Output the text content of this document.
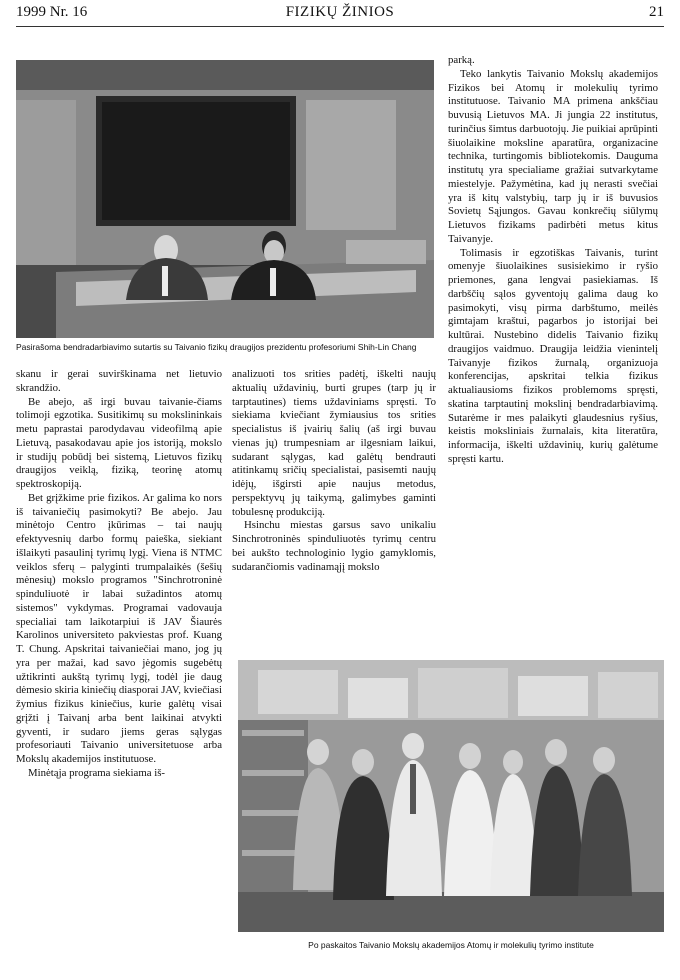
1999 Nr. 16	FIZIKŲ ŽINIOS	21
Pasirašoma bendradarbiavimo sutartis su Taivanio fizikų draugijos prezidentu profesoriumi Shih-Lin Chang

skanu ir gerai suvirškinama net lietuvio skrandžio.

Be abejo, aš irgi buvau taivanie-čiams tolimoji egzotika. Susitikimų su mokslininkais metu paprastai parodydavau videofilmą apie Lietuvą, pasakodavau apie jos istoriją, mokslo ir studijų pobūdį bei sistemą, Lietuvos fizikų draugijos veiklą, fiziką, teorinę atomų spektroskopiją.

Bet grįžkime prie fizikos. Ar galima ko nors iš taivaniečių pasimokyti? Be abejo. Jau minėtojo Centro įkūrimas – tai naujų efektyvesnių darbo formų paieška, siekiant išlaikyti pasaulinį tyrimų lygį. Viena iš NTMC veiklos sferų – palyginti trumpalaikės (šešių mėnesių) mokslo programos "Sinchrotroninė spinduliuotė ir labai sužadintos atomų sistemos" vykdymas. Programai vadovauja specialiai tam laikotarpiui iš JAV Šiaurės Karolinos universiteto pakviestas prof. Kuang T. Chung. Apskritai taivaniečiai mano, jog jų yra per mažai, kad savo jėgomis sugebėtų užtikrinti aukštą tyrimų lygį, todėl jie daug dėmesio skiria kiniečių diasporai JAV, kviečiasi žymius fizikus kiniečius, kurie galėtų visai grįžti į Taivanį arba bent laikinai atvykti gyventi, ir sudaro jiems geras sąlygas profesoriauti Taivanio universitetuose arba Mokslų akademijos institutuose.

Minėtąja programa siekiama iš-

analizuoti tos srities padėtį, iškelti naujų aktualių uždavinių, burti grupes (tarp jų ir tarptautines) tiems uždaviniams spręsti. To siekiama kviečiant žymiausius tos srities specialistus iš įvairių šalių (aš irgi buvau vienas jų) trumpesniam ar ilgesniam laikui, sudarant sąlygas, kad galėtų bendrauti atitinkamų sričių specialistai, pasisemti naujų idėjų, išgirsti apie naujus metodus, perspektyvų jų taikymą, galimybes gaminti tobulesnę produkciją.

Hsinchu miestas garsus savo unikaliu Sinchrotroninės spinduliuotės tyrimų centru bei aukšto technologinio lygio gamyklomis, sudarančiomis vadinamąjį mokslo

parką.

Teko lankytis Taivanio Mokslų akademijos Fizikos bei Atomų ir molekulių tyrimo institutuose. Taivanio MA primena ankščiau buvusią Lietuvos MA. Ji jungia 22 institutus, turinčius šimtus darbuotojų. Jie puikiai aprūpinti šiuolaikine moksline aparatūra, organizacine technika, turtingomis bibliotekomis. Dauguma institutų yra specialiame gražiai sutvarkytame miestelyje. Pažymėtina, kad jų nerasti svečiai yra iš kitų valstybių, tarp jų ir iš buvusios Sovietų Sąjungos. Gavau konkrečių siūlymų Lietuvos fizikams padirbėti metus kitus Taivanyje.

Tolimasis ir egzotiškas Taivanis, turint omenyje šiuolaikines susisiekimo ir ryšio priemones, gana lengvai pasiekiamas. Iš darbščių sąlos gyventojų galima daug ko pasimokyti, visų pirma darbštumo, meilės gimtajam kraštui, pagarbos jo istorijai bei kultūrai. Nustebino didelis Taivanio fizikų draugijos vaidmuo. Draugija leidžia vienintelį Taivanyje fizikos žurnalą, organizuoja konferencijas, apskritai telkia fizikus aktualiausioms fizikos problemoms spręsti, skatina tarptautinį mokslinį bendradarbiavimą. Sutarėme ir mes palaikyti glaudesnius ryšius, keistis moksliniais žurnalais, kita literatūra, informacija, iškelti uždavinių, kurių galėtume spręsti kartu.

Po paskaitos Taivanio Mokslų akademijos Atomų ir molekulių tyrimo institute
